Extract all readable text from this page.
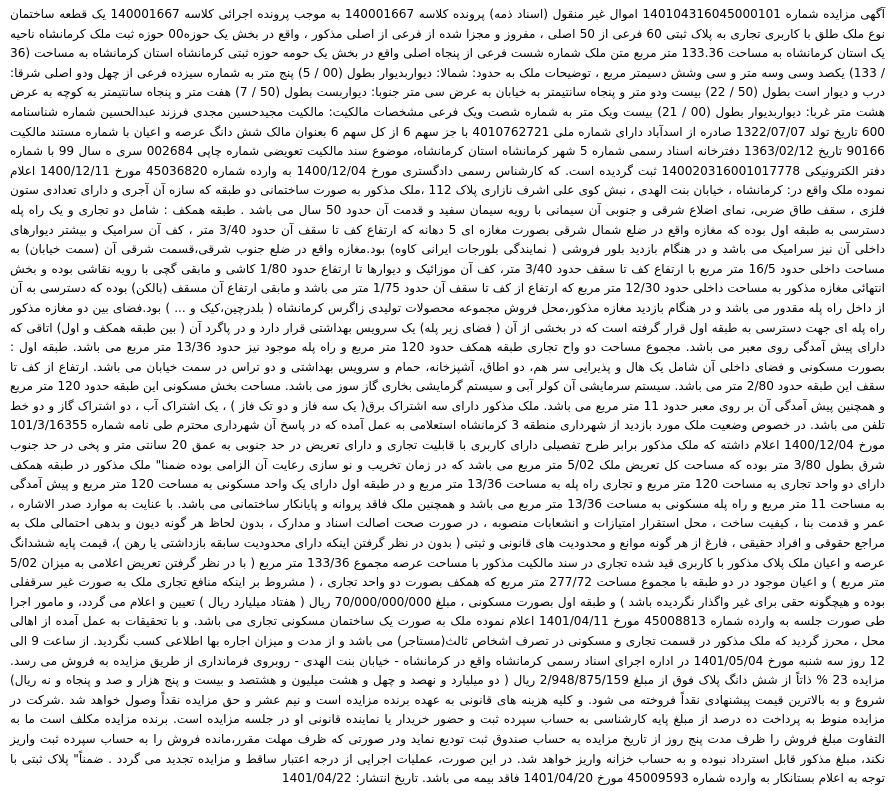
آگهی مزایده شماره 140104316045000101 اموال غیر منقول (اسناد ذمه) پرونده کلاسه 140001667 به موجب پرونده اجرائی کلاسه 140001667 یک قطعه ساختمان نوع ملک طلق با کاربری تجاری به پلاک ثبتی 60 فرعی از 50 اصلی ، مفروز و مجزا شده از فرعی از اصلی مذکور ، واقع در بخش یک حوزه00 حوزه ثبت ملک کرمانشاه ناحیه یک استان کرمانشاه به مساحت 133.36 متر مربع متن ملک شماره شست فرعی از پنجاه اصلی واقع در بخش یک حومه حوزه ثبتی کرمانشاه استان کرمانشاه به مساحت (36 / 133) یکصد وسی وسه متر و سی وشش دسیمتر مربع ، توضیحات ملک به حدود: شمالا: دیواربدیوار بطول (00 / 5) پنج متر به شماره سیزده فرعی از چهل ودو اصلی شرقا: درب و دیوار است بطول (50 / 22) بیست ودو متر و پنجاه سانتیمتر به خیابان به عرض سی متر جنوبا: دیواربست بطول (50 / 7) هفت متر و پنجاه سانتیمتر به کوچه به عرض هشت متر غربا: دیواربدیوار بطول (00 / 21) بیست ویک متر به شماره شصت ویک فرعی مشخصات مالکیت: مالکیت مجیدحسین مجدی فرزند عبدالحسین شماره شناسنامه 600 تاریخ تولد 1322/07/07 صادره از اسدآباد دارای شماره ملی 4010762721 با جز سهم 6 از کل سهم 6 بعنوان مالک شش دانگ عرصه و اعیان با شماره مستند مالکیت 90166 تاریخ 1363/02/12 دفترخانه اسناد رسمی شماره 5 شهر کرمانشاه استان کرمانشاه، موضوع سند مالکیت تعویضی شماره چاپی 002684 سری ه سال 99 با شماره دفتر الکترونیکی 140020316001017778 ثبت گردیده است. که کارشناس رسمی دادگستری مورخ 1400/12/04 به وارده شماره 45036820 مورخ 1400/12/11 اعلام نموده ملک واقع در: کرمانشاه ، خیابان بنت الهدی ، نبش کوی علی اشرف نازاری پلاک 112 ،ملک مذکور به صورت ساختمانی دو طبقه که سازه آن آجری و دارای تعدادی ستون فلزی ، سقف طاق ضربی، نمای اضلاع شرقی و جنوبی آن سیمانی با رویه سیمان سفید و قدمت آن حدود 50 سال می باشد . طبقه همکف : شامل دو تجاری و یک راه پله دسترسی به طبقه اول بوده که مغازه واقع در ضلع شمال شرقی بصورت مغازه ای 5 دهانه که ارتفاع کف تا سقف آن حدود 3/40 متر ، کف آن سرامیک و بیشتر دیوارهای داخلی آن نیز سرامیک می باشد و در هنگام بازدید بلور فروشی ( نمایندگی بلورجات ایرانی کاوه) بود.مغازه واقع در ضلع جنوب شرقی،قسمت شرقی آن (سمت خیابان) به مساحت داخلی حدود 16/5 متر مربع با ارتفاع کف تا سقف حدود 3/40 متر، کف آن موزائیک و دیوارها تا ارتفاع حدود 1/80 کاشی و مابقی گچی با رویه نقاشی بوده و بخش انتهائی مغازه مذکور به مساحت داخلی حدود 12/30 متر مربع که ارتفاع از کف تا سقف آن حدود 1/75 متر می باشد و مابقی ارتفاع آن مسقف (بالکن) بوده که دسترسی به آن از داخل راه پله مقدور می باشد و در هنگام بازدید مغازه مذکور،محل فروش مجموعه محصولات تولیدی زاگرس کرمانشاه ( بلدرچین،کیک و ... ) بود.فضای بین دو مغازه مذکور راه پله ای جهت دسترسی به طبقه اول قرار گرفته است که در بخشی از آن ( فضای زیر پله) یک سرویس بهداشتی قرار دارد و در پاگرد آن ( بین طبقه همکف و اول) اتاقی که دارای پیش آمدگی روی معبر می باشد. مجموع مساحت دو واح تجاری طبقه همکف حدود 120 متر مربع و راه پله موجود نیز حدود 13/36 متر مربع می باشد. طبقه اول : بصورت مسکونی و فضای داخلی آن شامل یک هال و پذیرایی سر هم، دو اطاق، آشپزخانه، حمام و سرویس بهداشتی و دو تراس در سمت خیابان می باشد. ارتفاع از کف تا سقف این طبقه حدود 2/80 متر می باشد. سیستم سرمایشی آن کولر آبی و سیستم گرمایشی بخاری گاز سوز می باشد. مساحت بخش مسکونی این طبقه حدود 120 متر مربع و همچنین پیش آمدگی آن بر روی معبر حدود 11 متر مربع می باشد. ملک مذکور دارای سه اشتراک برق( یک سه فاز و دو تک فاز ) ، یک اشتراک آب ، دو اشتراک گاز و دو خط تلفن می باشد. در خصوص وضعیت ملک مورد بازدید از شهرداری منطقه 3 کرمانشاه استعلامی به عمل آمده که در پاسخ آن شهرداری محترم طی نامه شماره 101/3/16355 مورخ 1400/12/04 اعلام داشته که ملک مذکور برابر طرح تفصیلی دارای کاربری با قابلیت تجاری و دارای تعریض در حد جنوبی به عمق 20 سانتی متر و پخی در حد جنوب شرق بطول 3/80 متر بوده که مساحت کل تعریض ملک 5/02 متر مربع می باشد که در زمان تخریب و نو سازی رعایت آن الزامی بوده ضمنا" ملک مذکور در طبقه همکف دارای دو واحد تجاری به مساحت 120 متر مربع و تجاری راه پله به مساحت 13/36 متر مربع و در طبقه اول دارای یک واحد مسکونی به مساحت 120 متر مربع و پیش آمدگی به مساحت 11 متر مربع و راه پله مسکونی به مساحت 13/36 متر مربع می باشد و همچنین ملک فاقد پروانه و پایانکار ساختمانی می باشد. با عنایت به موارد صدر الاشاره ، عمر و قدمت بنا ، کیفیت ساخت ، محل استقرار امتیازات و انشعابات منصوبه ، در صورت صحت اصالت اسناد و مدارک ، بدون لحاظ هر گونه دیون و بدهی احتمالی ملک به مراجع حقوقی و افراد حقیقی ، فارغ از هر گونه موانع و محدودیت های قانونی و ثبتی ( بدون در نظر گرفتن اینکه دارای محدودیت سابقه بازداشتی یا رهن )، قیمت پایه ششدانگ عرصه و اعیان ملک پلاک مذکور با کاربری قید شده تجاری در سند مالکیت مذکور با مساحت عرصه مجموع 133/36 متر مربع ( با در نظر گرفتن تعریض اعلامی به میزان 5/02 متر مربع ) و اعیان موجود در دو طبقه با مجموع مساحت 277/72 متر مربع که همکف بصورت دو واحد تجاری ، ( مشروط بر اینکه منافع تجاری ملک به صورت غیر سرقفلی بوده و هیچگونه حقی برای غیر واگذار نگردیده باشد ) و طبقه اول بصورت مسکونی ، مبلغ 70/000/000/000 ریال ( هفتاد میلیارد ریال ) تعیین و اعلام می گردد، و مامور اجرا طی صورت جلسه به وارده شماره 45008813 مورخ 1401/04/11 اعلام نموده ملک به صورت یک ساختمان مسکونی تجاری می باشد. و با تحقیقات به عمل آمده از اهالی محل ، محرز گردید که ملک مذکور در قسمت تجاری و مسکونی در تصرف اشخاص ثالث(مستاجر) می باشد و از مدت و میزان اجاره بها اطلاعی کسب نگردید. از ساعت 9 الی 12 روز سه شنبه مورخ 1401/05/04 در اداره اجرای اسناد رسمی کرمانشاه واقع در کرمانشاه - خیابان بنت الهدی - روبروی فرمانداری از طریق مزایده به فروش می رسد. مزایده 23 % ذاتاً از شش دانگ پلاک فوق از مبلغ 2/948/875/159 ریال ( دو میلیارد و نهصد و چهل و هشت میلیون و هشتصد و بیست و پنج هزار و صد و پنجاه و نه ریال) شروع و به بالاترین قیمت پیشنهادی نقداً فروخته می شود. و کلیه هزینه های قانونی به عهده برنده مزایده است و نیم عشر و حق مزایده نقداً وصول خواهد شد .شرکت در مزایده منوط به پرداخت ده درصد از مبلغ پایه کارشناسی به حساب سپرده ثبت و حضور خریدار یا نماینده قانونی او در جلسه مزایده است. برنده مزایده مکلف است ما به التفاوت مبلغ فروش را ظرف مدت پنج روز از تاریخ مزایده به حساب صندوق ثبت تودیع نماید ودر صورتی که ظرف مهلت مقرر،مانده فروش را به حساب سپرده ثبت واریز نکند، مبلغ مذکور قابل استرداد نبوده و به حساب خزانه واریز خواهد شد. در این صورت، عملیات اجرایی از درجه اعتبار ساقط و مزایده تجدید می گردد . ضمناً" پلاک ثبتی با توجه به اعلام بستانکار به وارده شماره 45009593 مورخ 1401/04/20 فاقد بیمه می باشد. تاریخ انتشار: 1401/04/22
